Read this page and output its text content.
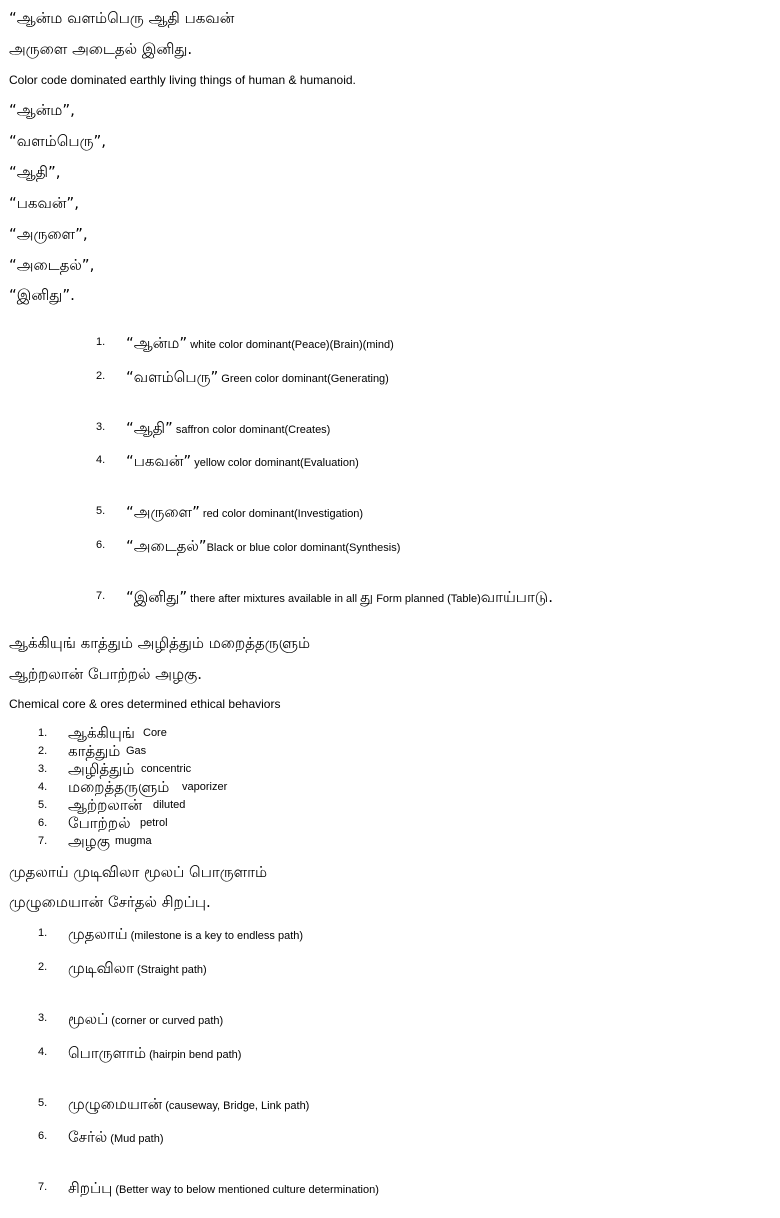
“ஆன்ம வளம்பெரு ஆதி பகவன்
அருளை அடைதல் இனிது.
Color code dominated earthly living things of human & humanoid.
“ஆன்ம”,
“வளம்பெரு”,
“ஆதி”,
“பகவன்”,
“அருளை”,
“அடைதல்”,
“இனிது”.
1. “ஆன்ம” white color dominant(Peace)(Brain)(mind)
2. “வளம்பெரு” Green color dominant(Generating)
3. “ஆதி” saffron color dominant(Creates)
4. “பகவன்” yellow color dominant(Evaluation)
5. “அருளை” red color dominant(Investigation)
6. “அடைதல்”Black or blue color dominant(Synthesis)
7. “இனிது” there after mixtures available in all து Form planned (Table)வாய்பாடு.
ஆக்கியுங் காத்தும் அழித்தும் மறைத்தருளும்
ஆற்றலான் போற்றல் அழகு.
Chemical core & ores determined ethical behaviors
1. ஆக்கியுங் Core
2. காத்தும் Gas
3. அழித்தும் concentric
4. மறைத்தருளும் vaporizer
5. ஆற்றலான் diluted
6. போற்றல் petrol
7. அழகு mugma
முதலாய் முடிவிலா மூலப் பொருளாம்
முழுமையான் சேர்தல் சிறப்பு.
1. முதலாய் (milestone is a key to endless path)
2. முடிவிலா (Straight path)
3. மூலப் (corner or curved path)
4. பொருளாம் (hairpin bend path)
5. முழுமையான் (causeway, Bridge, Link path)
6. சேர்ல் (Mud path)
7. சிறப்பு (Better way to below mentioned culture determination)
